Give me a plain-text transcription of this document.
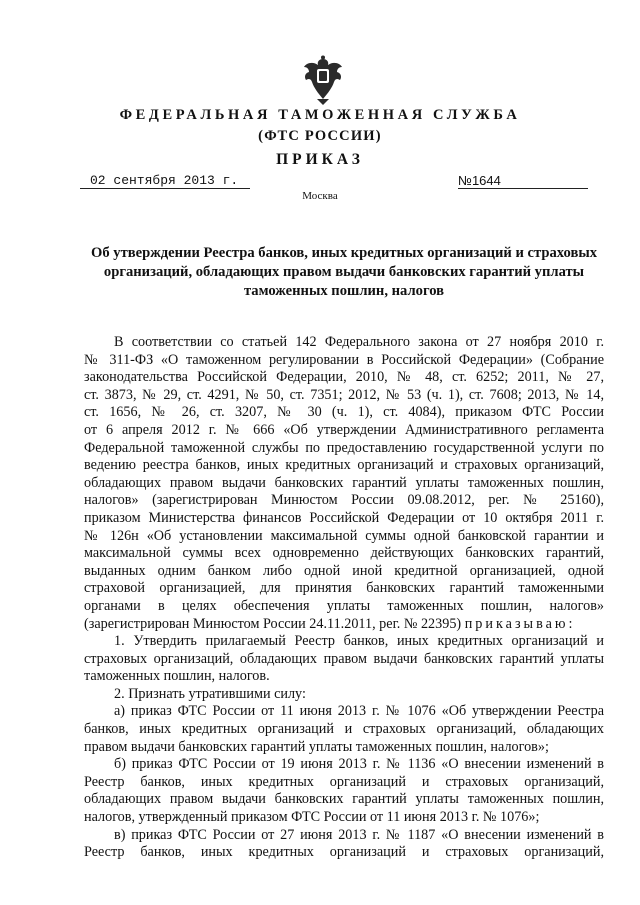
ФЕДЕРАЛЬНАЯ ТАМОЖЕННАЯ СЛУЖБА
(ФТС РОССИИ)
ПРИКАЗ
02 сентября 2013 г.	№1644
Москва
Об утверждении Реестра банков, иных кредитных организаций и страховых
организаций, обладающих правом выдачи банковских гарантий уплаты
таможенных пошлин, налогов
В соответствии со статьей 142 Федерального закона от 27 ноября 2010 г.
№ 311-ФЗ «О таможенном регулировании в Российской Федерации» (Собрание
законодательства Российской Федерации, 2010, № 48, ст. 6252; 2011, № 27,
ст. 3873, № 29, ст. 4291, № 50, ст. 7351; 2012, № 53 (ч. 1), ст. 7608; 2013, № 14,
ст. 1656, № 26, ст. 3207, № 30 (ч. 1), ст. 4084), приказом ФТС России
от 6 апреля 2012 г. № 666 «Об утверждении Административного регламента
Федеральной таможенной службы по предоставлению государственной услуги по
ведению реестра банков, иных кредитных организаций и страховых организаций,
обладающих правом выдачи банковских гарантий уплаты таможенных пошлин,
налогов» (зарегистрирован Минюстом России 09.08.2012, рег. № 25160),
приказом Министерства финансов Российской Федерации от 10 октября 2011 г.
№ 126н «Об установлении максимальной суммы одной банковской гарантии и
максимальной суммы всех одновременно действующих банковских гарантий,
выданных одним банком либо одной иной кредитной организацией, одной
страховой организацией, для принятия банковских гарантий таможенными
органами в целях обеспечения уплаты таможенных пошлин, налогов»
(зарегистрирован Минюстом России 24.11.2011, рег. № 22395) приказываю:
1. Утвердить прилагаемый Реестр банков, иных кредитных организаций и
страховых организаций, обладающих правом выдачи банковских гарантий уплаты
таможенных пошлин, налогов.
2. Признать утратившими силу:
а) приказ ФТС России от 11 июня 2013 г. № 1076 «Об утверждении Реестра
банков, иных кредитных организаций и страховых организаций, обладающих
правом выдачи банковских гарантий уплаты таможенных пошлин, налогов»;
б) приказ ФТС России от 19 июня 2013 г. № 1136 «О внесении изменений в
Реестр банков, иных кредитных организаций и страховых организаций,
обладающих правом выдачи банковских гарантий уплаты таможенных пошлин,
налогов, утвержденный приказом ФТС России от 11 июня 2013 г. № 1076»;
в) приказ ФТС России от 27 июня 2013 г. № 1187 «О внесении изменений в
Реестр банков, иных кредитных организаций и страховых организаций,
